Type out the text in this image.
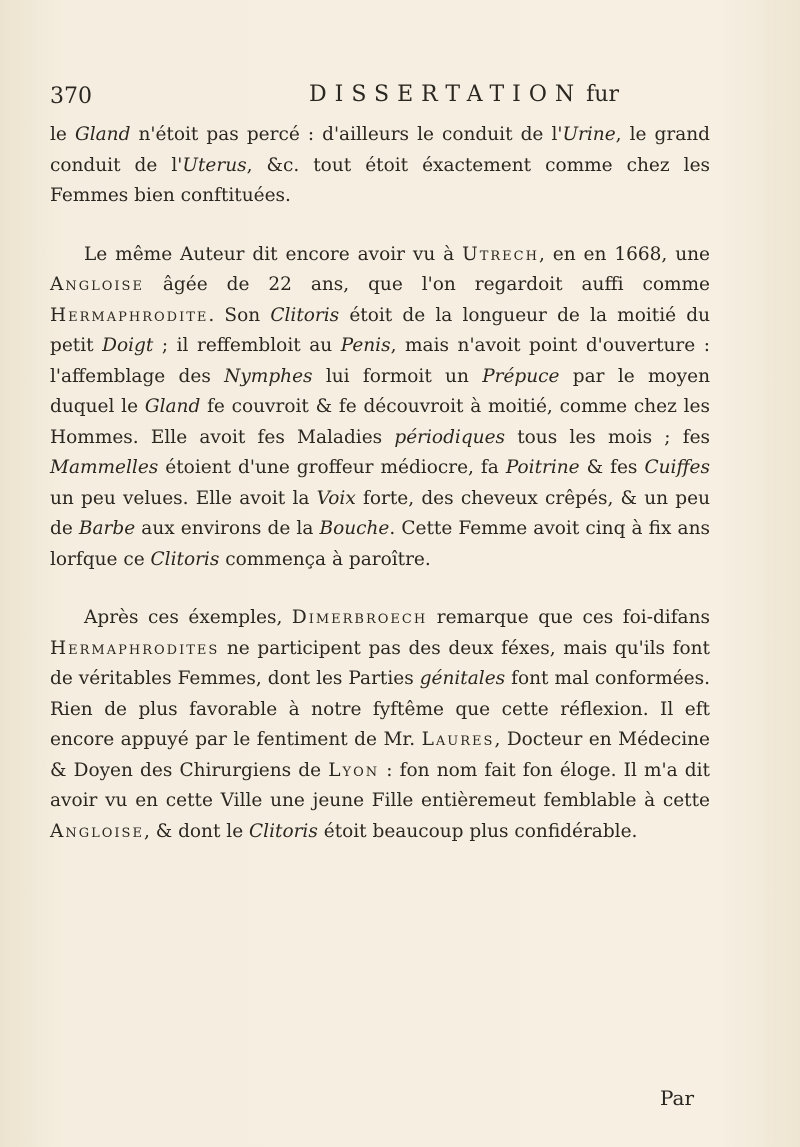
370	DISSERTATION fur

le Gland n'étoit pas percé : d'ailleurs le conduit de l'Urine, le grand conduit de l'Uterus, &c. tout étoit éxactement comme chez les Femmes bien conftituées.

Le même Auteur dit encore avoir vu à Utrech, en en 1668, une Angloise âgée de 22 ans, que l'on regardoit auffi comme Hermaphrodite. Son Clitoris étoit de la longueur de la moitié du petit Doigt ; il reffembloit au Penis, mais n'avoit point d'ouverture : l'affemblage des Nymphes lui formoit un Prépuce par le moyen duquel le Gland fe couvroit & fe découvroit à moitié, comme chez les Hommes. Elle avoit fes Maladies périodiques tous les mois ; fes Mammelles étoient d'une groffeur médiocre, fa Poitrine & fes Cuiffes un peu velues. Elle avoit la Voix forte, des cheveux crêpés, & un peu de Barbe aux environs de la Bouche. Cette Femme avoit cinq à fix ans lorfque ce Clitoris commença à paroître.

Après ces éxemples, Dimerbroech remarque que ces foi-difans Hermaphrodites ne participent pas des deux féxes, mais qu'ils font de véritables Femmes, dont les Parties génitales font mal conformées. Rien de plus favorable à notre fyftême que cette réflexion. Il eft encore appuyé par le fentiment de Mr. Laures, Docteur en Médecine & Doyen des Chirurgiens de Lyon : fon nom fait fon éloge. Il m'a dit avoir vu en cette Ville une jeune Fille entièremeut femblable à cette Angloise, & dont le Clitoris étoit beaucoup plus confidérable.

Par
